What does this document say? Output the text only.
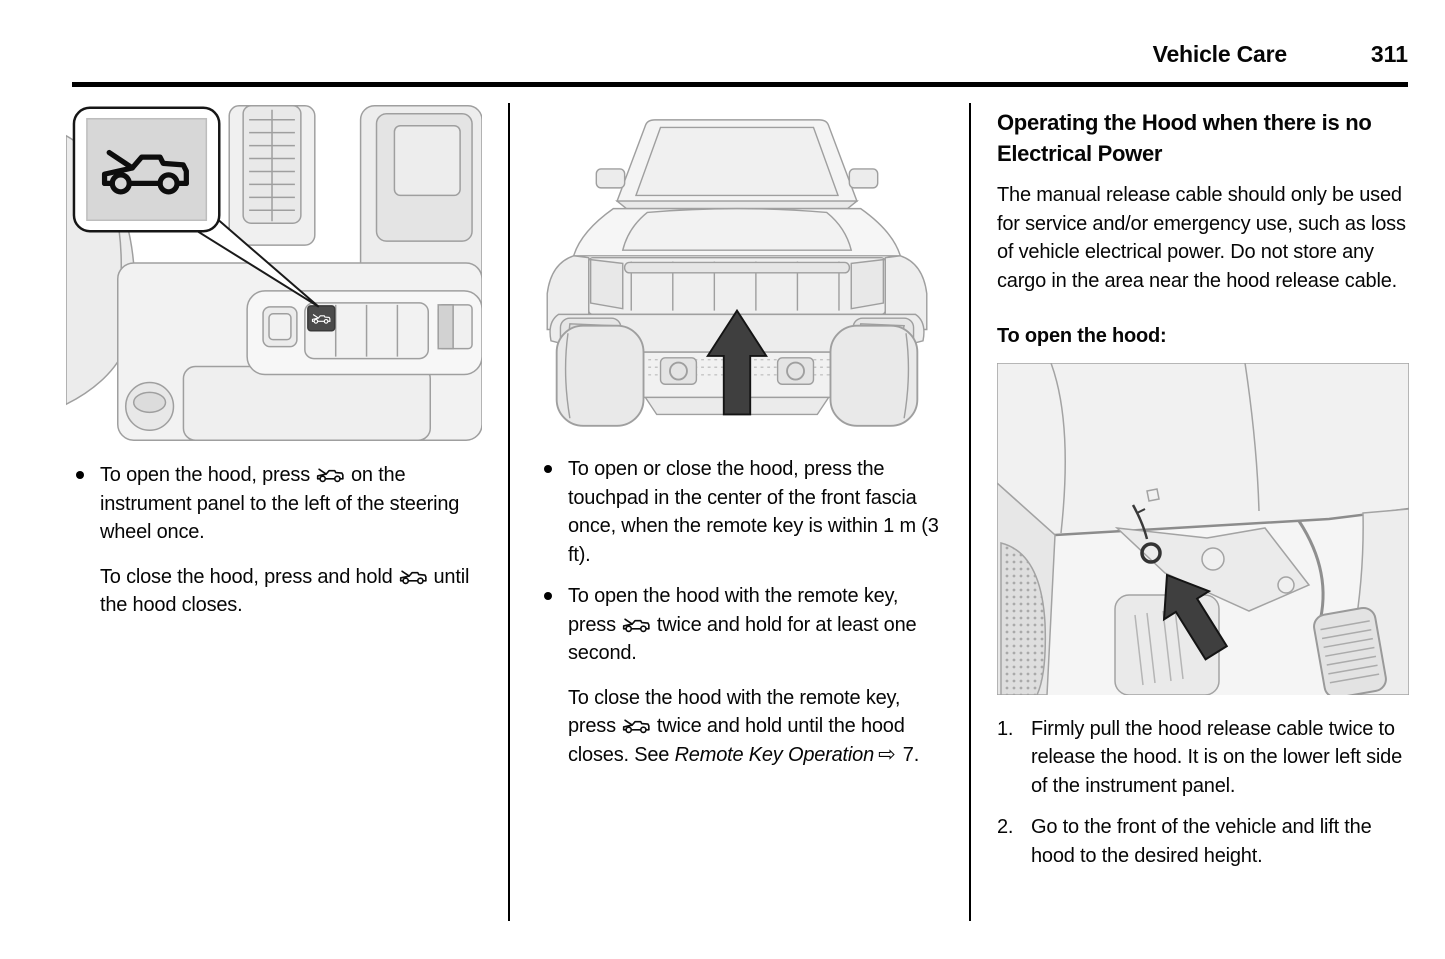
Vehicle Care	311
To open the hood, press on the instrument panel to the left of the steering wheel once.
To close the hood, press and hold until the hood closes.
To open or close the hood, press the touchpad in the center of the front fascia once, when the remote key is within 1 m (3 ft).
To open the hood with the remote key, press twice and hold for at least one second.
To close the hood with the remote key, press twice and hold until the hood closes. See Remote Key Operation ⇨ 7.
Operating the Hood when there is no Electrical Power

The manual release cable should only be used for service and/or emergency use, such as loss of vehicle electrical power. Do not store any cargo in the area near the hood release cable.

To open the hood:

1. Firmly pull the hood release cable twice to release the hood. It is on the lower left side of the instrument panel.
2. Go to the front of the vehicle and lift the hood to the desired height.
